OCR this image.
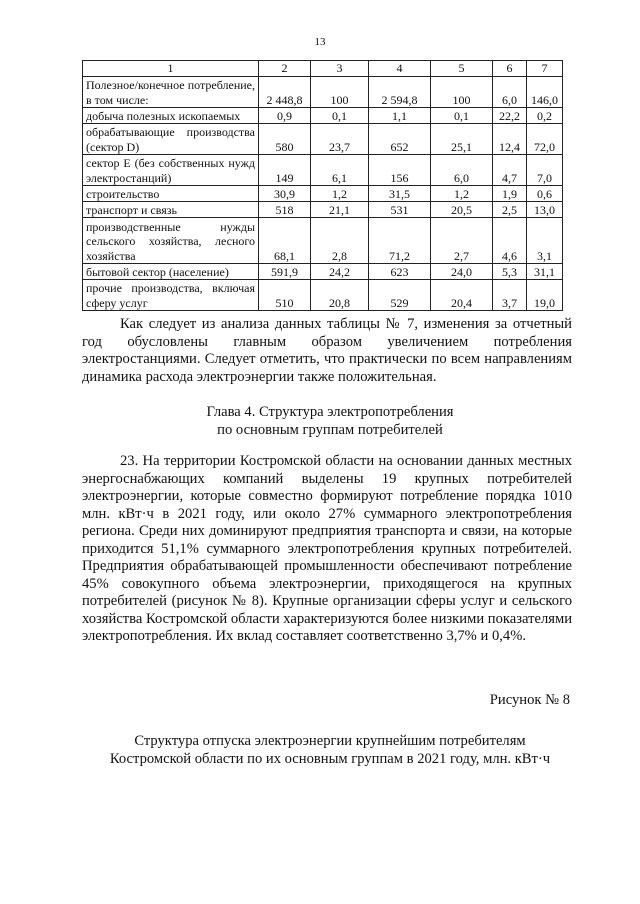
13
1	2	3	4	5	6	7
Полезное/конечное потребление, в том числе:	2 448,8	100	2 594,8	100	6,0	146,0
добыча полезных ископаемых	0,9	0,1	1,1	0,1	22,2	0,2
обрабатывающие производства (сектор D)	580	23,7	652	25,1	12,4	72,0
сектор Е (без собственных нужд электростанций)	149	6,1	156	6,0	4,7	7,0
строительство	30,9	1,2	31,5	1,2	1,9	0,6
транспорт и связь	518	21,1	531	20,5	2,5	13,0
производственные нужды сельского хозяйства, лесного хозяйства	68,1	2,8	71,2	2,7	4,6	3,1
бытовой сектор (население)	591,9	24,2	623	24,0	5,3	31,1
прочие производства, включая сферу услуг	510	20,8	529	20,4	3,7	19,0
Как следует из анализа данных таблицы № 7, изменения за отчетный год обусловлены главным образом увеличением потребления электростанциями. Следует отметить, что практически по всем направлениям динамика расхода электроэнергии также положительная.
Глава 4. Структура электропотребления
по основным группам потребителей
23. На территории Костромской области на основании данных местных энергоснабжающих компаний выделены 19 крупных потребителей электроэнергии, которые совместно формируют потребление порядка 1010 млн. кВт·ч в 2021 году, или около 27% суммарного электропотребления региона. Среди них доминируют предприятия транспорта и связи, на которые приходится 51,1% суммарного электропотребления крупных потребителей. Предприятия обрабатывающей промышленности обеспечивают потребление 45% совокупного объема электроэнергии, приходящегося на крупных потребителей (рисунок № 8). Крупные организации сферы услуг и сельского хозяйства Костромской области характеризуются более низкими показателями электропотребления. Их вклад составляет соответственно 3,7% и 0,4%.
Рисунок № 8
Структура отпуска электроэнергии крупнейшим потребителям
Костромской области по их основным группам в 2021 году, млн. кВт·ч
